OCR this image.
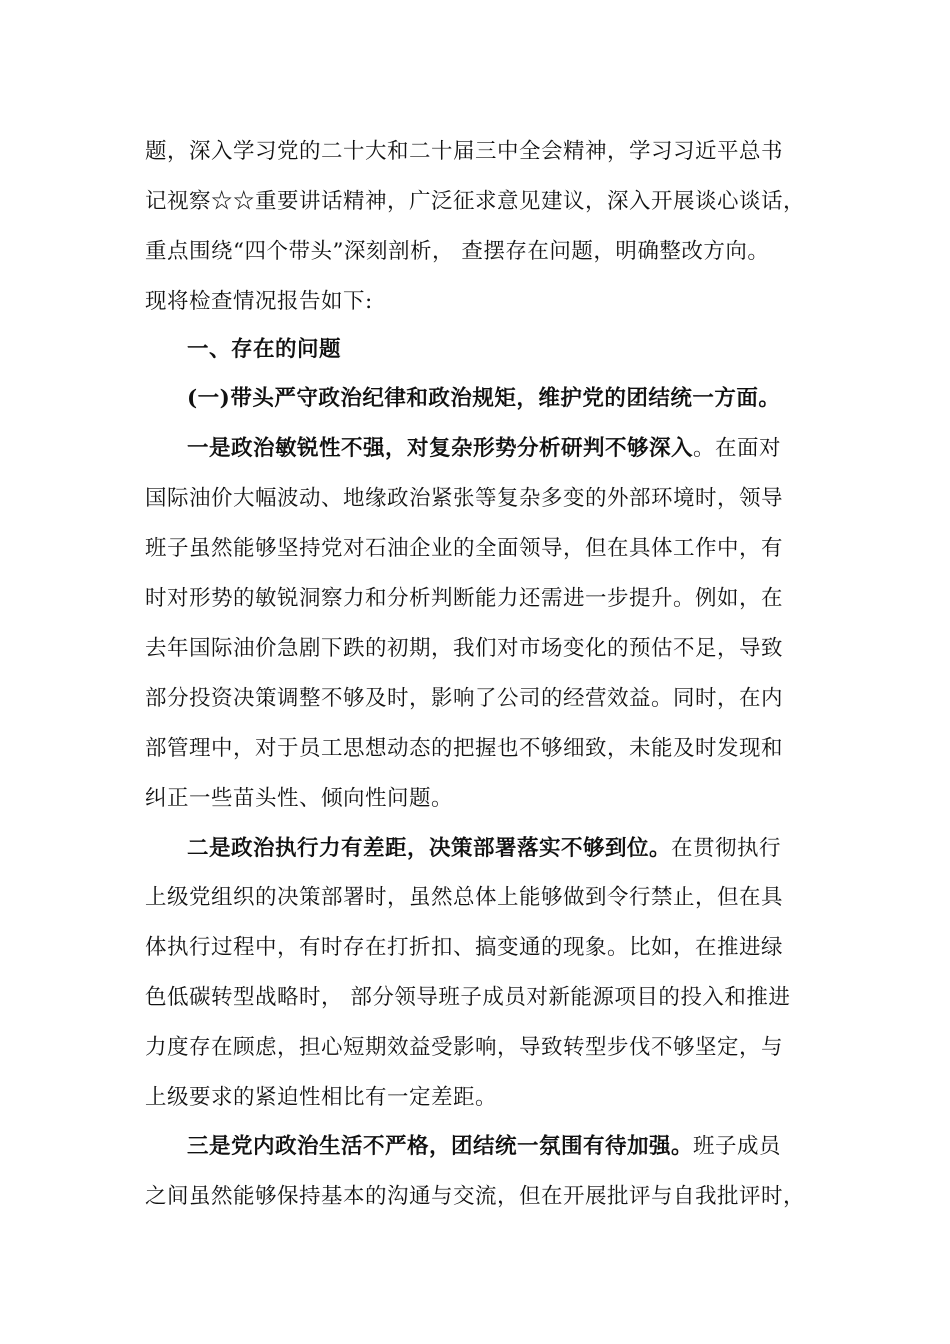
题，深入学习党的二十大和二十届三中全会精神，学习习近平总书
记视察☆☆重要讲话精神，广泛征求意见建议，深入开展谈心谈话，
重点围绕“四个带头”深刻剖析， 查摆存在问题，明确整改方向。
现将检查情况报告如下:
一、存在的问题
(一)带头严守政治纪律和政治规矩，维护党的团结统一方面。
一是政治敏锐性不强，对复杂形势分析研判不够深入。在面对
国际油价大幅波动、地缘政治紧张等复杂多变的外部环境时，领导
班子虽然能够坚持党对石油企业的全面领导，但在具体工作中，有
时对形势的敏锐洞察力和分析判断能力还需进一步提升。例如，在
去年国际油价急剧下跌的初期，我们对市场变化的预估不足，导致
部分投资决策调整不够及时，影响了公司的经营效益。同时，在内
部管理中，对于员工思想动态的把握也不够细致，未能及时发现和
纠正一些苗头性、倾向性问题。
二是政治执行力有差距，决策部署落实不够到位。在贯彻执行
上级党组织的决策部署时，虽然总体上能够做到令行禁止，但在具
体执行过程中，有时存在打折扣、搞变通的现象。比如，在推进绿
色低碳转型战略时， 部分领导班子成员对新能源项目的投入和推进
力度存在顾虑，担心短期效益受影响，导致转型步伐不够坚定，与
上级要求的紧迫性相比有一定差距。
三是党内政治生活不严格，团结统一氛围有待加强。班子成员
之间虽然能够保持基本的沟通与交流，但在开展批评与自我批评时，
